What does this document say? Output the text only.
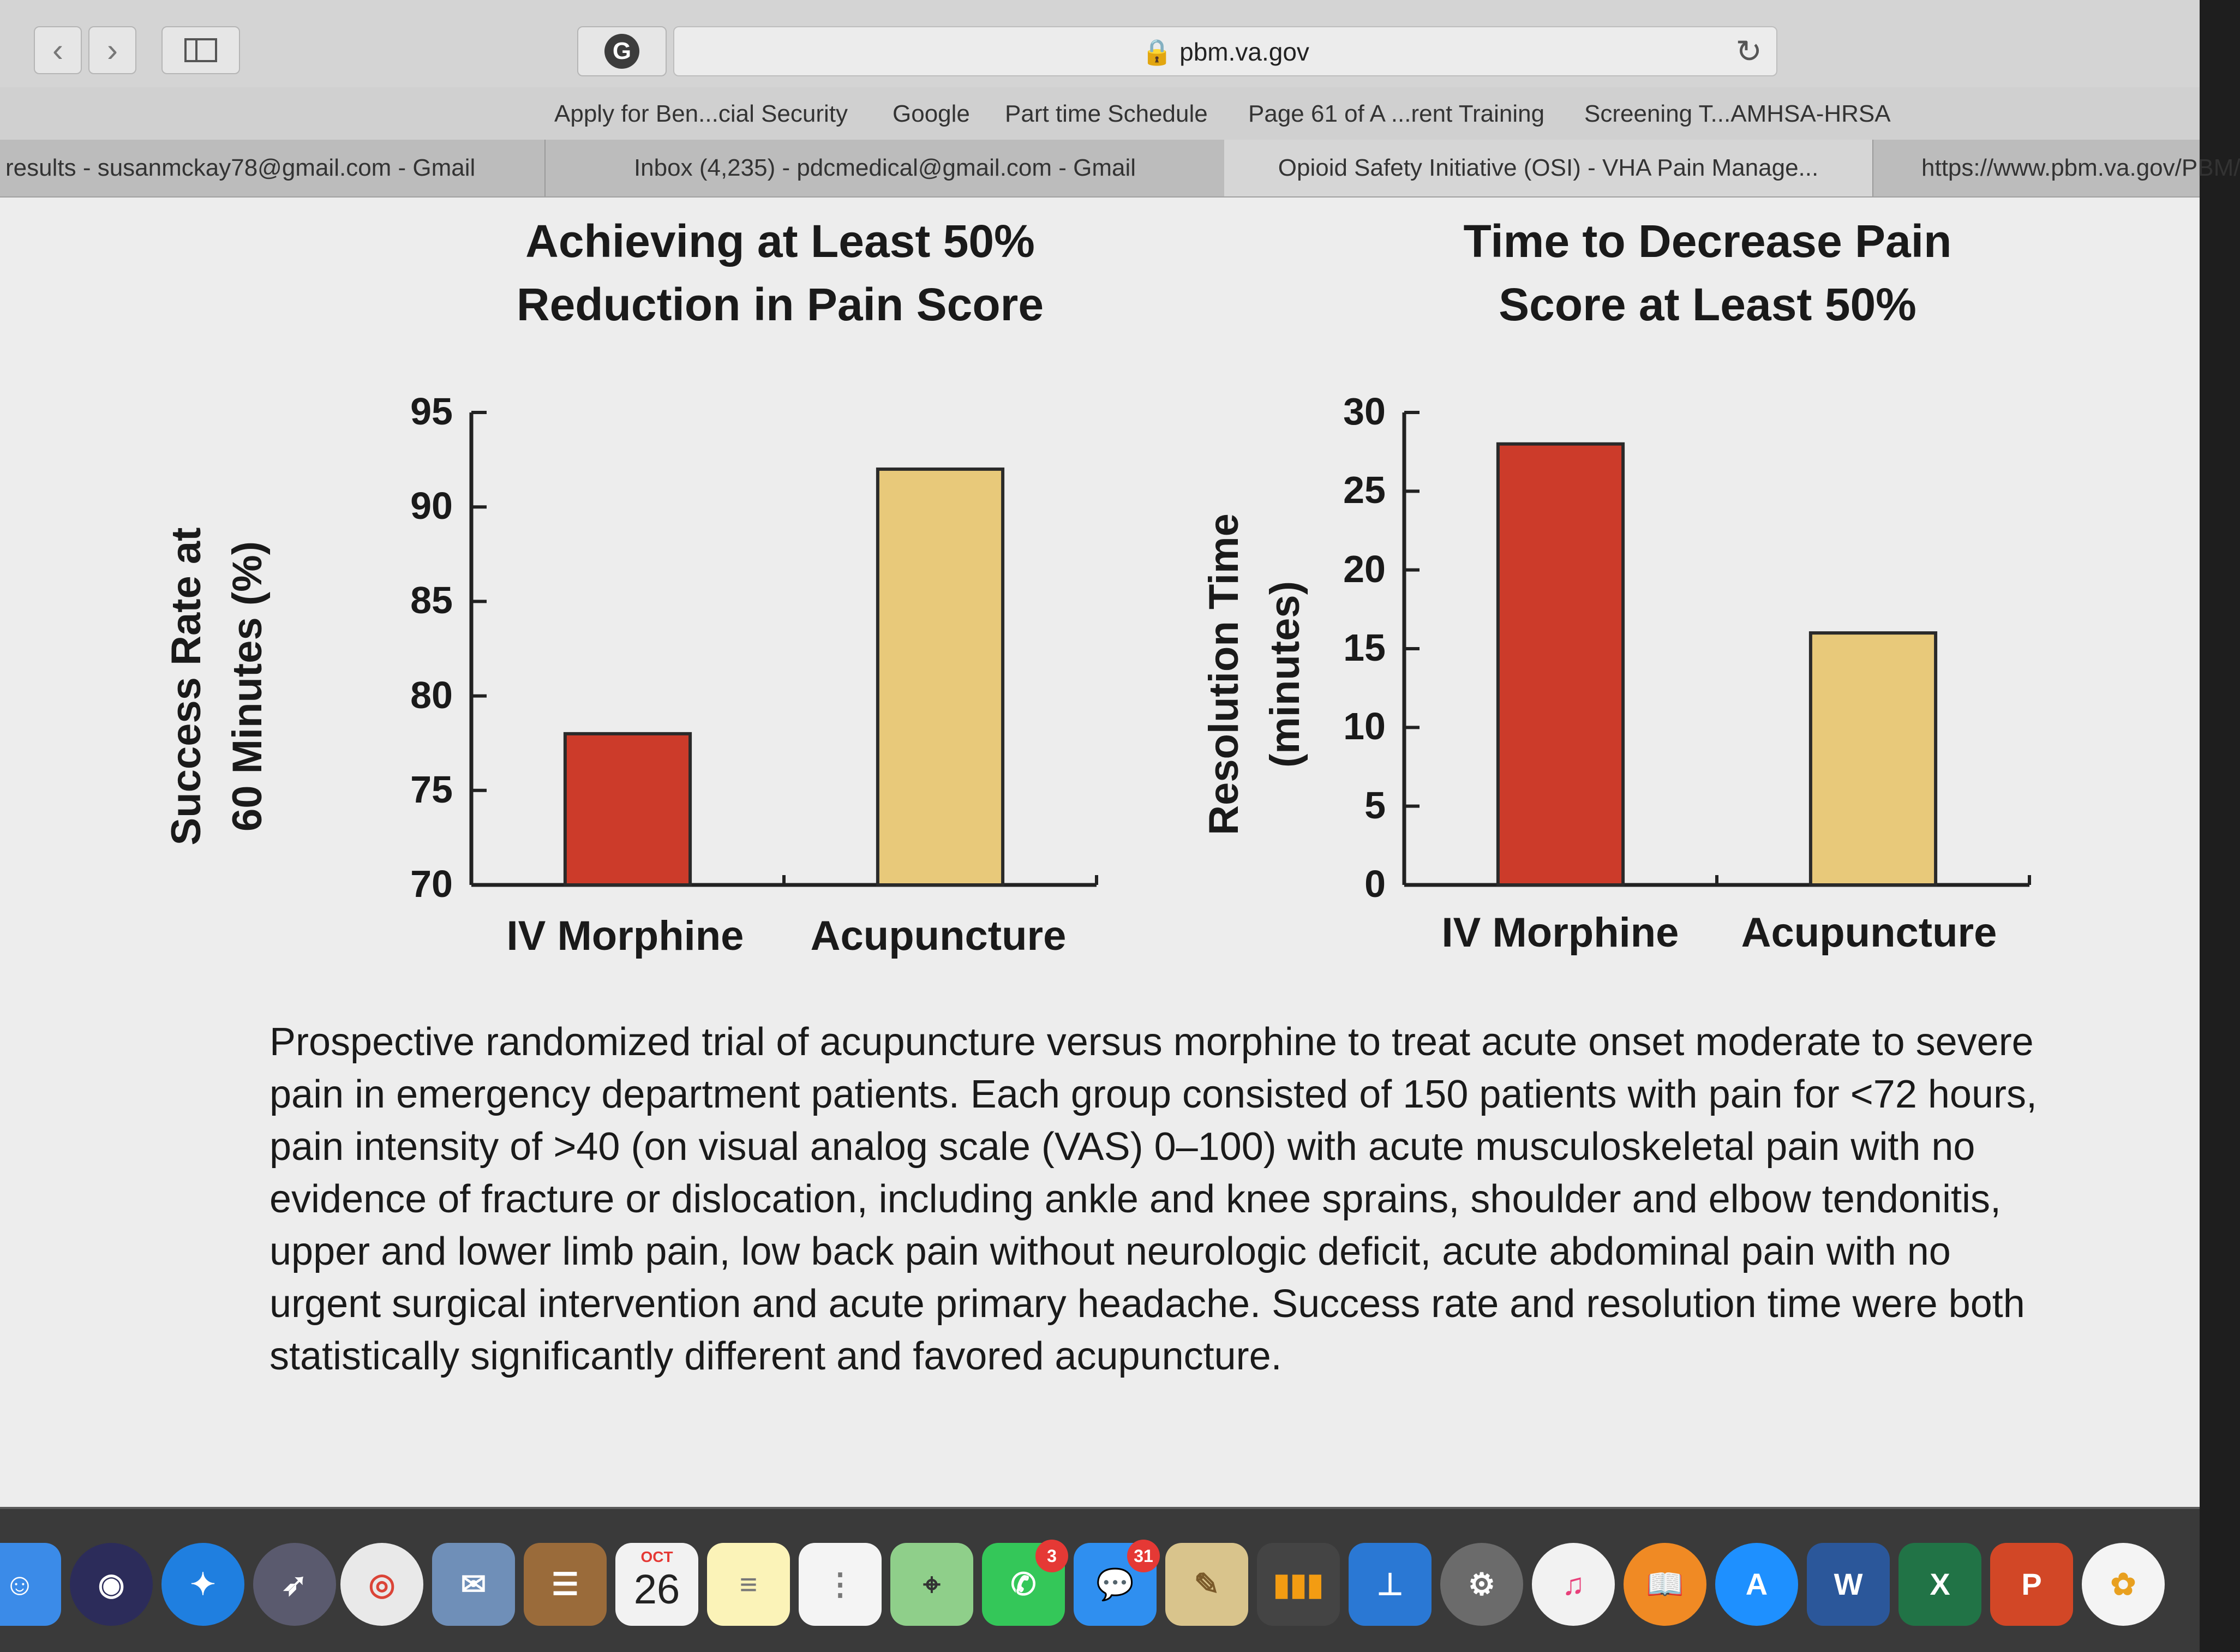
‹	›	G	🔒 pbm.va.gov	↻
Apply for Ben...cial Security Google Part time Schedule Page 61 of A ...rent Training Screening T...AMHSA-HRSA
results - susanmckay78@gmail.com - Gmail	Inbox (4,235) - pdcmedical@gmail.com - Gmail	Opioid Safety Initiative (OSI) - VHA Pain Manage...	https://www.pbm.va.gov/PBM/
Achieving at Least 50%
Reduction in Pain Score
Success Rate at 60 Minutes (%)
IV Morphine	Acupuncture
Time to Decrease Pain
Score at Least 50%
Resolution Time (minutes)
IV Morphine	Acupuncture
Prospective randomized trial of acupuncture versus morphine to treat acute onset moderate to severe pain in emergency department patients. Each group consisted of 150 patients with pain for <72 hours, pain intensity of >40 (on visual analog scale (VAS) 0–100) with acute musculoskeletal pain with no evidence of fracture or dislocation, including ankle and knee sprains, shoulder and elbow tendonitis, upper and lower limb pain, low back pain without neurologic deficit, acute abdominal pain with no urgent surgical intervention and acute primary headache. Success rate and resolution time were both statistically significantly different and favored acupuncture.
95
90
85
80
75
70
30
25
20
15
10
5
0
☺	◉	✦	➶	◎	✉	☰
OCT
26	≡	⋮	⌖	✆
3
💬
31
✎	▮▮▮	⊥	⚙	♫	📖	A	W	X	P	✿
